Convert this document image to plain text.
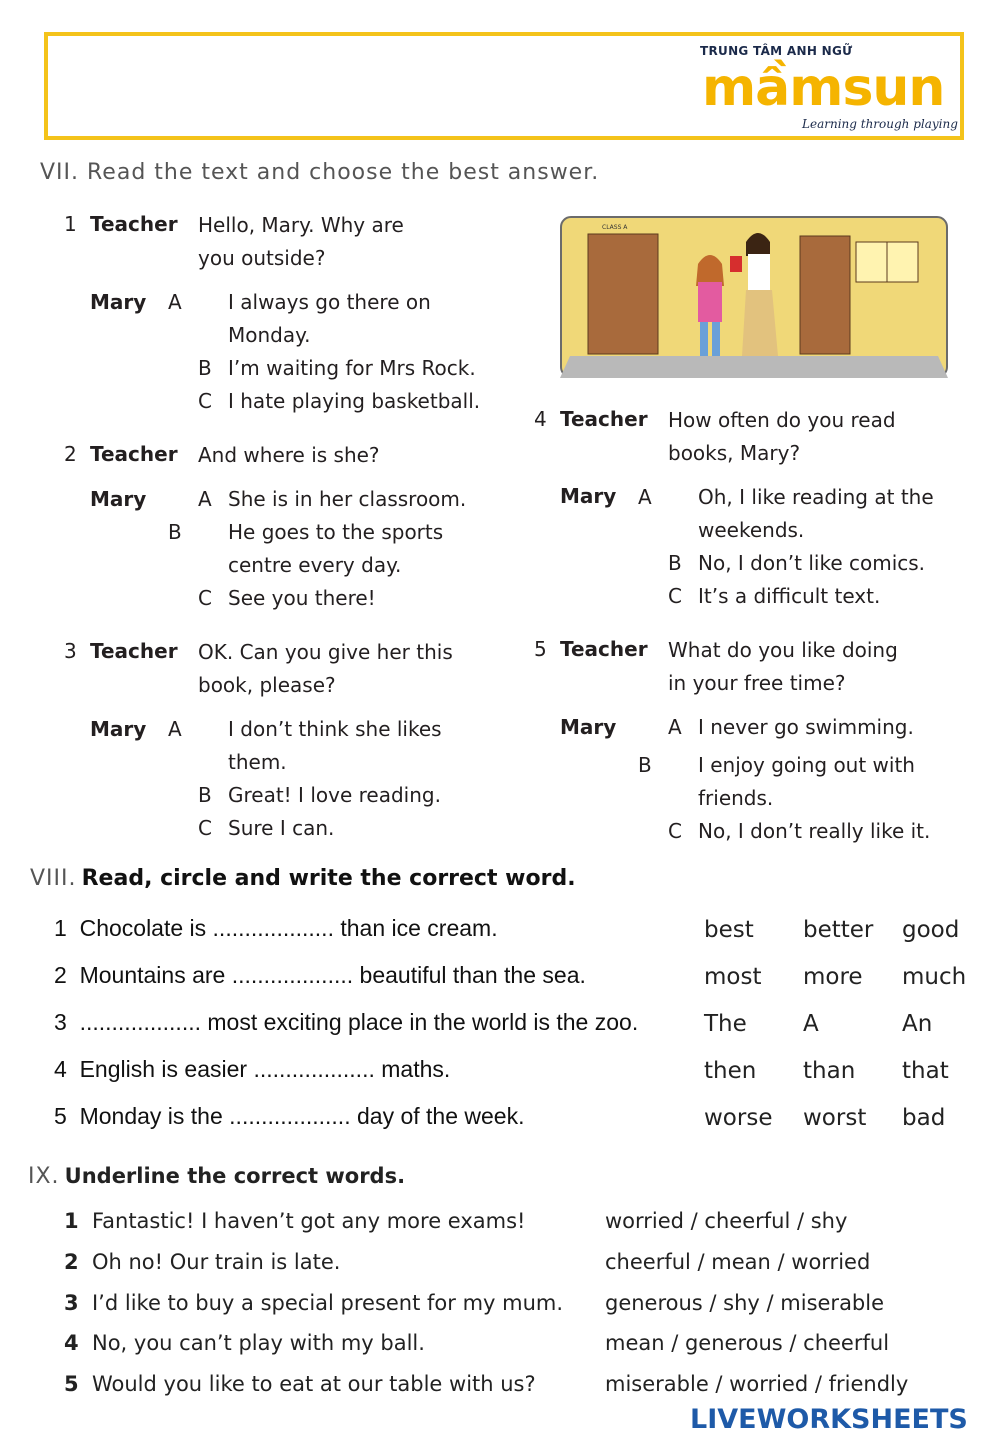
TRUNG TÂM ANH NGỮ
mầmsun
Learning through playing
VII. Read the text and choose the best answer.
1 Teacher Hello, Mary. Why are
you outside?
Mary A I always go there on Monday.
B I’m waiting for Mrs Rock.
C I hate playing basketball.
2 Teacher And where is she?
Mary	A She is in her classroom.
B He goes to the sports centre every day.
C See you there!
3 Teacher OK. Can you give her this
book, please?
Mary A I don’t think she likes them.
B Great! I love reading.
C Sure I can.
CLASS A
4 Teacher How often do you read
books, Mary?
Mary A Oh, I like reading at the weekends.
B No, I don’t like comics.
C It’s a difficult text.
5 Teacher What do you like doing
in your free time?
Mary	A I never go swimming.
B I enjoy going out with friends.
C No, I don’t really like it.
VIII. Read, circle and write the correct word.
1 Chocolate is ................... than ice cream.	best better good
2 Mountains are ................... beautiful than the sea.	most more much
3 ................... most exciting place in the world is the zoo.	The A	An
4 English is easier ................... maths.	then than that
5 Monday is the ................... day of the week.	worse worst bad
IX. Underline the correct words.
1 Fantastic! I haven’t got any more exams!	worried / cheerful / shy
2 Oh no! Our train is late.	cheerful / mean / worried
3 I’d like to buy a special present for my mum. generous / shy / miserable
4 No, you can’t play with my ball.	mean / generous / cheerful
5 Would you like to eat at our table with us?	miserable / worried / friendly
LIVEWORKSHEETS
